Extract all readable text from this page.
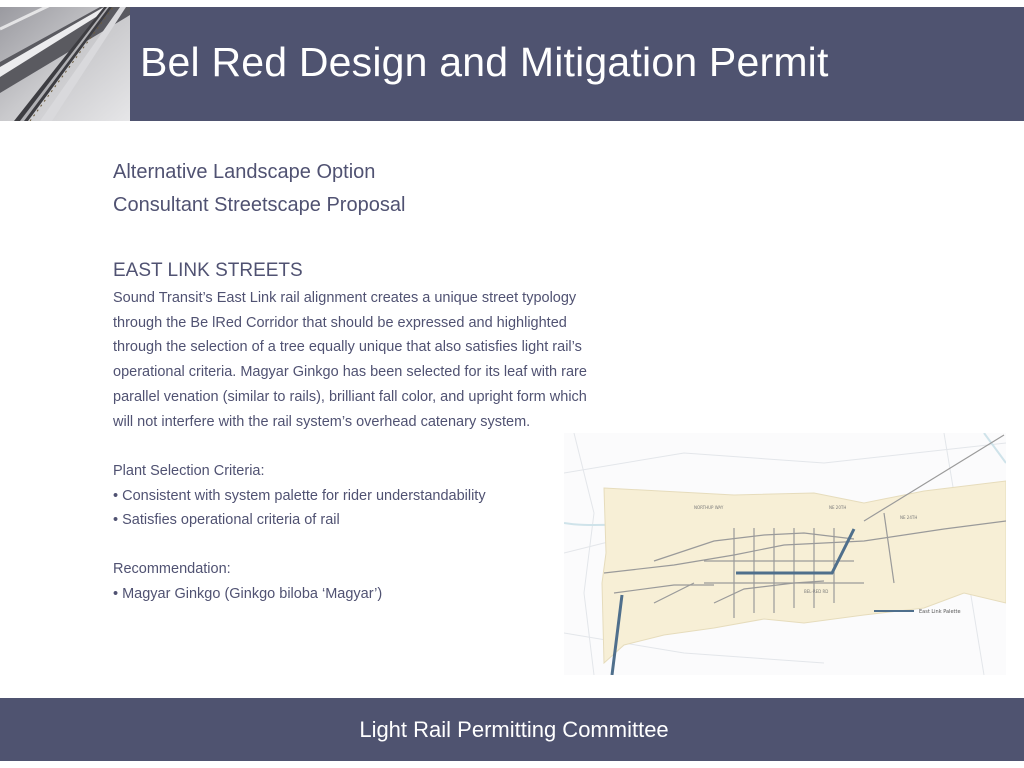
Bel Red Design and Mitigation Permit
Alternative Landscape Option
Consultant Streetscape Proposal
EAST LINK STREETS
Sound Transit’s East Link rail alignment creates a unique street typology
through the Be lRed Corridor that should be expressed and highlighted
through the selection of a tree equally unique that also satisfies light rail’s
operational criteria. Magyar Ginkgo has been selected for its leaf with rare
parallel venation (similar to rails), brilliant fall color, and upright form which
will not interfere with the rail system’s overhead catenary system.
Plant Selection Criteria:
• Consistent with system palette for rider understandability
• Satisfies operational criteria of rail
Recommendation:
• Magyar Ginkgo (Ginkgo biloba ‘Magyar’)
NORTHUP WAY	NE 20TH
BEL-RED RD
NE 24TH
East Link Palette
Light Rail Permitting Committee
